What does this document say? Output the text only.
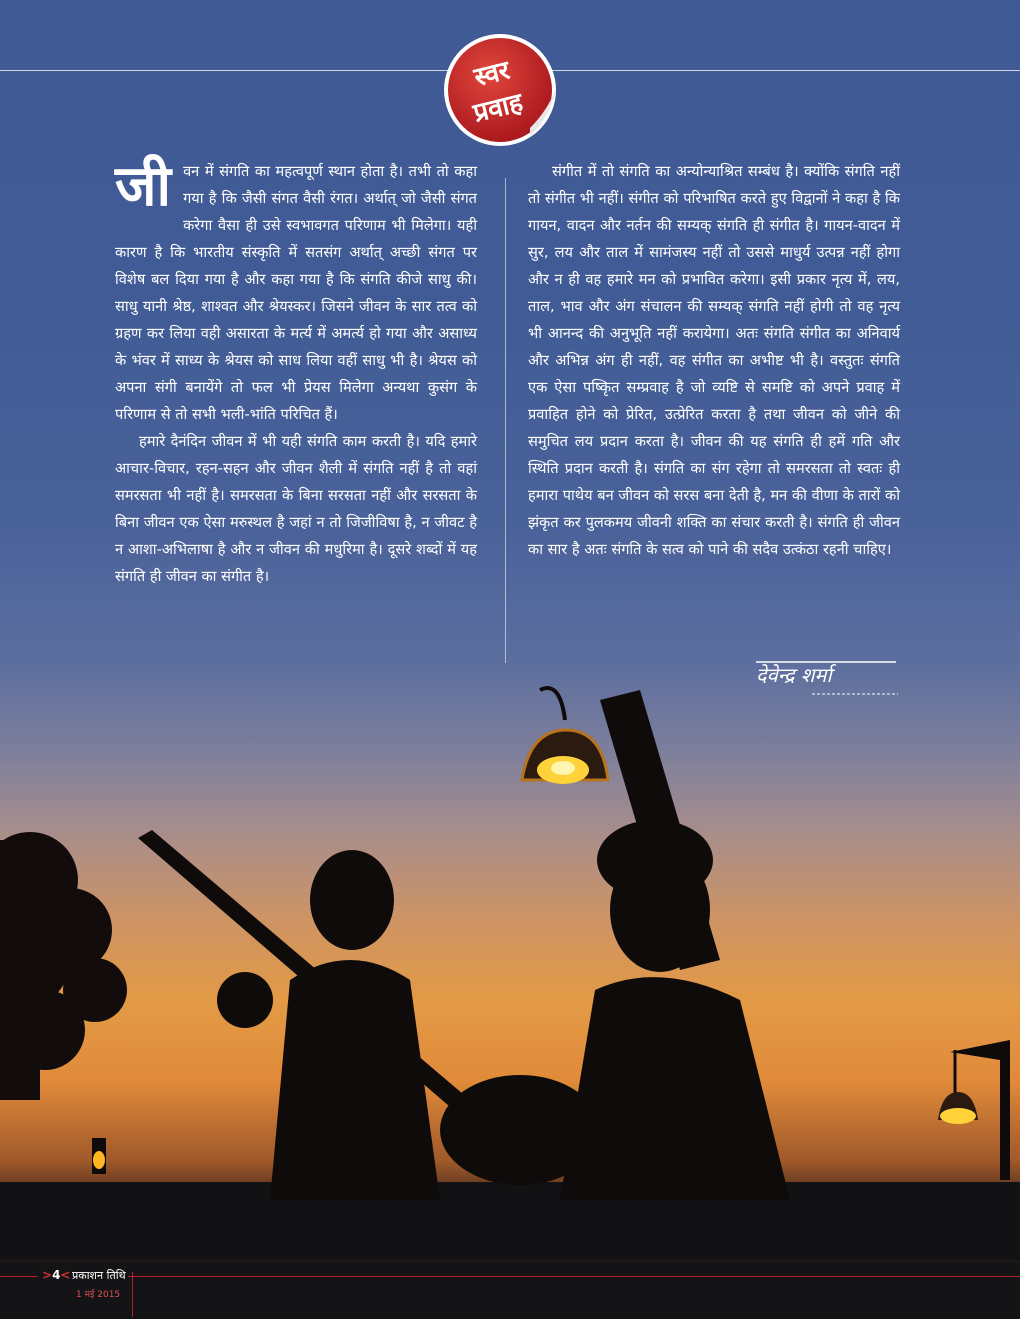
स्वर
प्रवाह

जीवन में संगति का महत्वपूर्ण स्थान होता है। तभी तो कहा गया है कि जैसी संगत वैसी रंगत। अर्थात् जो जैसी संगत करेगा वैसा ही उसे स्वभावगत परिणाम भी मिलेगा। यही कारण है कि भारतीय संस्कृति में सतसंग अर्थात् अच्छी संगत पर विशेष बल दिया गया है और कहा गया है कि संगति कीजे साधु की। साधु यानी श्रेष्ठ, शाश्वत और श्रेयस्कर। जिसने जीवन के सार तत्व को ग्रहण कर लिया वही असारता के मर्त्य में अमर्त्य हो गया और असाध्य के भंवर में साध्य के श्रेयस को साध लिया वहीं साधु भी है। श्रेयस को अपना संगी बनायेंगे तो फल भी प्रेयस मिलेगा अन्यथा कुसंग के परिणाम से तो सभी भली-भांति परिचित हैं।

हमारे दैनंदिन जीवन में भी यही संगति काम करती है। यदि हमारे आचार-विचार, रहन-सहन और जीवन शैली में संगति नहीं है तो वहां समरसता भी नहीं है। समरसता के बिना सरसता नहीं और सरसता के बिना जीवन एक ऐसा मरुस्थल है जहां न तो जिजीविषा है, न जीवट है न आशा-अभिलाषा है और न जीवन की मधुरिमा है। दूसरे शब्दों में यह संगति ही जीवन का संगीत है।

संगीत में तो संगति का अन्योन्याश्रित सम्बंध है। क्योंकि संगति नहीं तो संगीत भी नहीं। संगीत को परिभाषित करते हुए विद्वानों ने कहा है कि गायन, वादन और नर्तन की सम्यक् संगति ही संगीत है। गायन-वादन में सुर, लय और ताल में सामंजस्य नहीं तो उससे माधुर्य उत्पन्न नहीं होगा और न ही वह हमारे मन को प्रभावित करेगा। इसी प्रकार नृत्य में, लय, ताल, भाव और अंग संचालन की सम्यक् संगति नहीं होगी तो वह नृत्य भी आनन्द की अनुभूति नहीं करायेगा। अतः संगति संगीत का अनिवार्य और अभिन्न अंग ही नहीं, वह संगीत का अभीष्ट भी है। वस्तुतः संगति एक ऐसा पष्कृित सम्प्रवाह है जो व्यष्टि से समष्टि को अपने प्रवाह में प्रवाहित होने को प्रेरित, उत्प्रेरित करता है तथा जीवन को जीने की समुचित लय प्रदान करता है। जीवन की यह संगति ही हमें गति और स्थिति प्रदान करती है। संगति का संग रहेगा तो समरसता तो स्वतः ही हमारा पाथेय बन जीवन को सरस बना देती है, मन की वीणा के तारों को झंकृत कर पुलकमय जीवनी शक्ति का संचार करती है। संगति ही जीवन का सार है अतः संगति के सत्व को पाने की सदैव उत्कंठा रहनी चाहिए।

देवेन्द्र शर्मा
>4< प्रकाशन तिथि
1 मई 2015
